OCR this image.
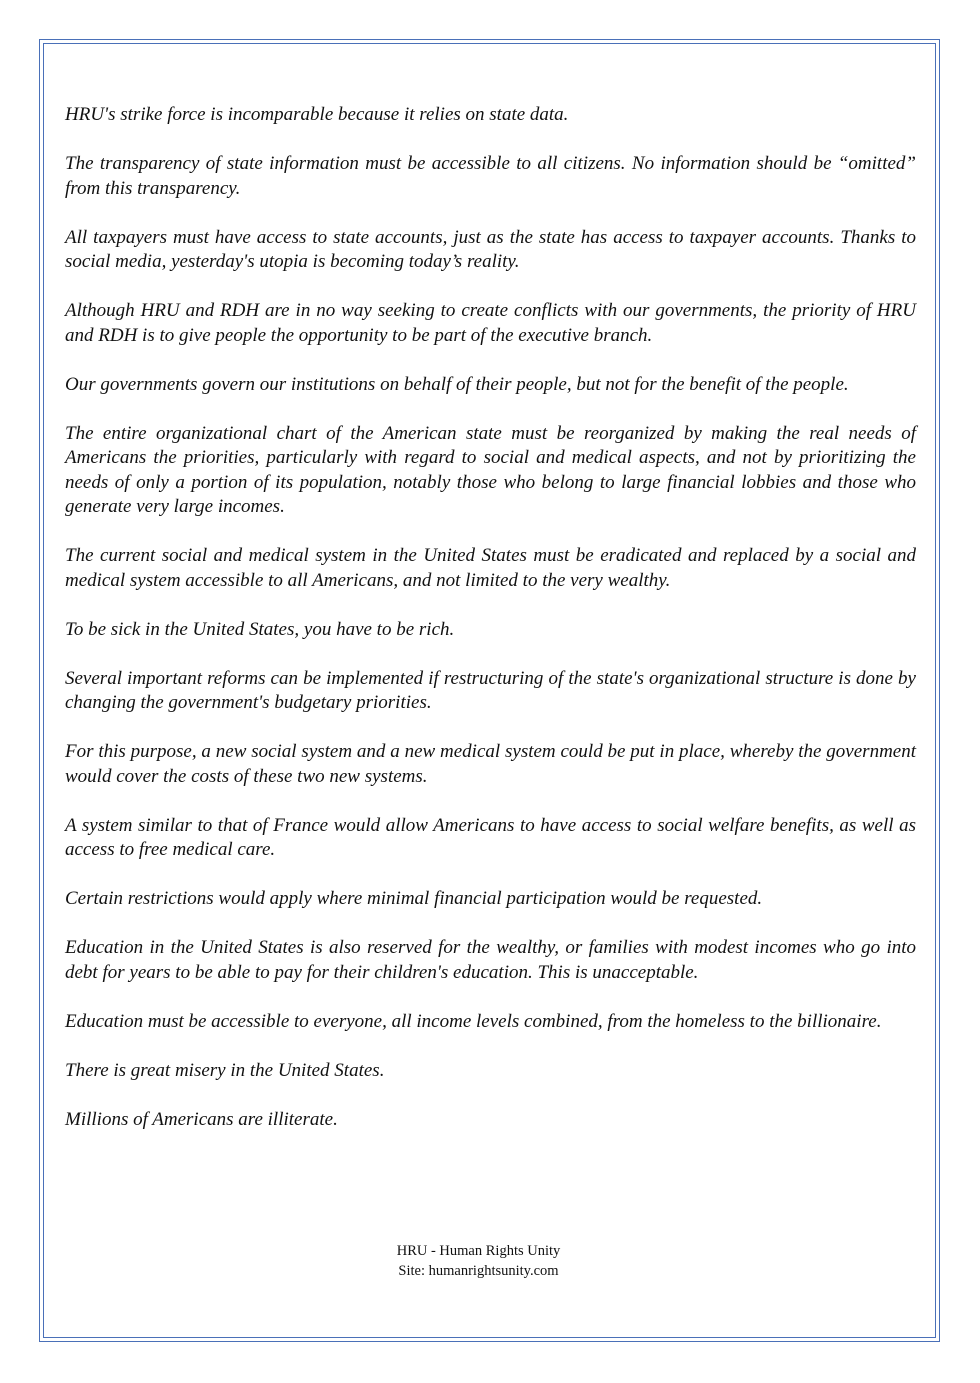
HRU's strike force is incomparable because it relies on state data.

The transparency of state information must be accessible to all citizens. No information should be “omitted” from this transparency.

All taxpayers must have access to state accounts, just as the state has access to taxpayer accounts. Thanks to social media, yesterday's utopia is becoming today’s reality.

Although HRU and RDH are in no way seeking to create conflicts with our governments, the priority of HRU and RDH is to give people the opportunity to be part of the executive branch.

Our governments govern our institutions on behalf of their people, but not for the benefit of the people.

The entire organizational chart of the American state must be reorganized by making the real needs of Americans the priorities, particularly with regard to social and medical aspects, and not by prioritizing the needs of only a portion of its population, notably those who belong to large financial lobbies and those who generate very large incomes.

The current social and medical system in the United States must be eradicated and replaced by a social and medical system accessible to all Americans, and not limited to the very wealthy.

To be sick in the United States, you have to be rich.

Several important reforms can be implemented if restructuring of the state's organizational structure is done by changing the government's budgetary priorities.

For this purpose, a new social system and a new medical system could be put in place, whereby the government would cover the costs of these two new systems.

A system similar to that of France would allow Americans to have access to social welfare benefits, as well as access to free medical care.

Certain restrictions would apply where minimal financial participation would be requested.

Education in the United States is also reserved for the wealthy, or families with modest incomes who go into debt for years to be able to pay for their children's education. This is unacceptable.

Education must be accessible to everyone, all income levels combined, from the homeless to the billionaire.

There is great misery in the United States.

Millions of Americans are illiterate.

HRU - Human Rights Unity
Site: humanrightsunity.com
